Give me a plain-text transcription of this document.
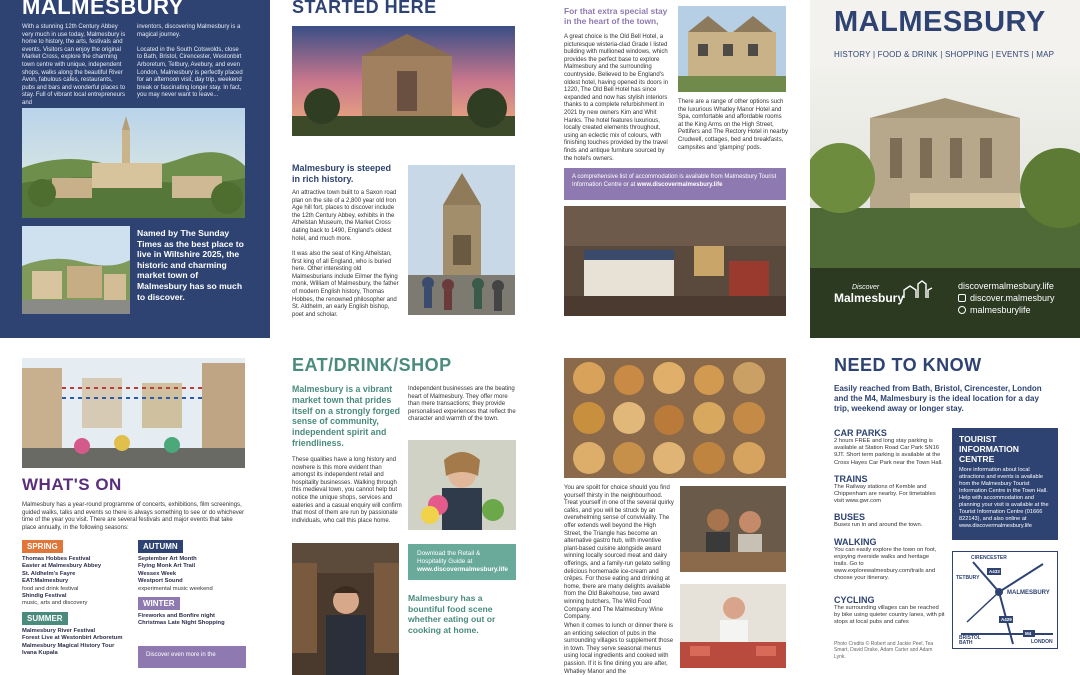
MALMESBURY
With a stunning 12th Century Abbey very much in use today, Malmesbury is home to history, the arts, festivals and events. Visitors can enjoy the original Market Cross, explore the charming town centre with unique, independent shops, walks along the beautiful River Avon, fabulous cafes, restaurants, pubs and bars and wonderful places to stay. Full of vibrant local entrepreneurs and
inventors, discovering Malmesbury is a magical journey.

Located in the South Cotswolds, close to Bath, Bristol, Cirencester, Westonbirt Arboretum, Tetbury, Avebury, and even London, Malmesbury is perfectly placed for an afternoon visit, day trip, weekend break or fascinating longer stay. In fact, you may never want to leave...
Named by The Sunday Times as the best place to live in Wiltshire 2025, the historic and charming market town of Malmesbury has so much to discover.
STARTED HERE
Malmesbury is steeped in rich history.
An attractive town built to a Saxon road plan on the site of a 2,800 year old Iron Age hill fort, places to discover include the 12th Century Abbey, exhibits in the Athelstan Museum, the Market Cross dating back to 1490, England's oldest hotel, and much more.
It was also the seat of King Athelstan, first king of all England, who is buried here. Other interesting old Malmesburians include Eilmer the flying monk, William of Malmesbury, the father of modern English history, Thomas Hobbes, the renowned philosopher and St. Aldhelm, an early English bishop, poet and scholar.
For that extra special stay in the heart of the town,
A great choice is the Old Bell Hotel, a picturesque wisteria-clad Grade I listed building with mullioned windows, which provides the perfect base to explore Malmesbury and the surrounding countryside. Believed to be England's oldest hotel, having opened its doors in 1220, The Old Bell Hotel has since expanded and now has stylish interiors thanks to a complete refurbishment in 2021 by new owners Kim and Whit Hanks. The hotel features luxurious, locally created elements throughout, using an eclectic mix of colours, with finishing touches provided by the travel finds and antique furniture sourced by the hotel's owners.
There are a range of other options such the luxurious Whatley Manor Hotel and Spa, comfortable and affordable rooms at the King Arms on the High Street, Pettifers and The Rectory Hotel in nearby Crudwell, cottages, bed and breakfasts, campsites and 'glamping' pods.
A comprehensive list of accommodation is available from Malmesbury Tourist Information Centre or at www.discovermalmesbury.life
MALMESBURY
HISTORY | FOOD & DRINK | SHOPPING | EVENTS | MAP
Discover
Malmesbury
discovermalmesbury.life
discover.malmesbury
malmesburylife
WHAT'S ON
Malmesbury has a year-round programme of concerts, exhibitions, film screenings, guided walks, talks and events so there is always something to see or do whichever time of the year you visit. There are several festivals and major events that take place annually, in the following seasons:
SPRING
Thomas Hobbes Festival
Easter at Malmesbury Abbey
St. Aldhelm's Fayre
EAT:Malmesbury
food and drink festival
Shindig Festival
music, arts and discovery
SUMMER
Malmesbury River Festival
Forest Live at Westonbirt Arboretum
Malmesbury Magical History Tour
Ivana Kupala
AUTUMN
September Art Month
Flying Monk Art Trail
Wessex Week
Westport Sound
experimental music weekend
WINTER
Fireworks and Bonfire night
Christmas Late Night Shopping
Discover even more in the
EAT/DRINK/SHOP
Malmesbury is a vibrant market town that prides itself on a strongly forged sense of community, independent spirit and friendliness.
These qualities have a long history and nowhere is this more evident than amongst its independent retail and hospitality businesses. Walking through this medieval town, you cannot help but notice the unique shops, services and eateries and a casual enquiry will confirm that most of them are run by passionate individuals, who call this place home.
Independent businesses are the beating heart of Malmesbury. They offer more than mere transactions; they provide personalised experiences that reflect the character and warmth of the town.
Download the Retail & Hospitality Guide at www.discovermalmesbury.life
Malmesbury has a bountiful food scene whether eating out or cooking at home.
You are spoilt for choice should you find yourself thirsty in the neighbourhood. Treat yourself in one of the several quirky cafés, and you will be struck by an overwhelming sense of conviviality. The offer extends well beyond the High Street, the Triangle has become an alternative gastro hub, with inventive plant-based cuisine alongside award winning locally sourced meat and dairy offerings, and a family-run gelato selling delicious homemade ice-cream and crêpes. For those eating and drinking at home, there are many delights available from the Old Bakehouse, two award winning butchers, The Wild Food Company and The Malmesbury Wine Company.
When it comes to lunch or dinner there is an enticing selection of pubs in the surrounding villages to supplement those in town. They serve seasonal menus using local ingredients and cooked with passion. If it is fine dining you are after, Whatley Manor and the
NEED TO KNOW
Easily reached from Bath, Bristol, Cirencester, London and the M4, Malmesbury is the ideal location for a day trip, weekend away or longer stay.
CAR PARKS
2 hours FREE and long stay parking is available at Station Road Car Park SN16 9JT. Short term parking is available at the Cross Hayes Car Park near the Town Hall.
TRAINS
The Railway stations of Kemble and Chippenham are nearby. For timetables visit www.gwr.com
BUSES
Buses run in and around the town.
WALKING
You can easily explore the town on foot, enjoying riverside walks and heritage trails. Go to www.explorewalmesbury.com/trails and choose your itinerary.
CYCLING
The surrounding villages can be reached by bike using quieter country lanes, with pit stops at local pubs and cafes
Photo Credits © Robert and Jackie Peel, Tea Smart, David Drake, Adam Carter and Adam Lynk.
TOURIST INFORMATION CENTRE
More information about local attractions and events is available from the Malmesbury Tourist Information Centre in the Town Hall. Help with accommodation and planning your visit is available at the Tourist Information Centre (01666 822143), and also online at www.discovermalmesbury.life
CIRENCESTER
TETBURY
A433
MALMESBURY
A429
M4
BRISTOL
BATH	LONDON
